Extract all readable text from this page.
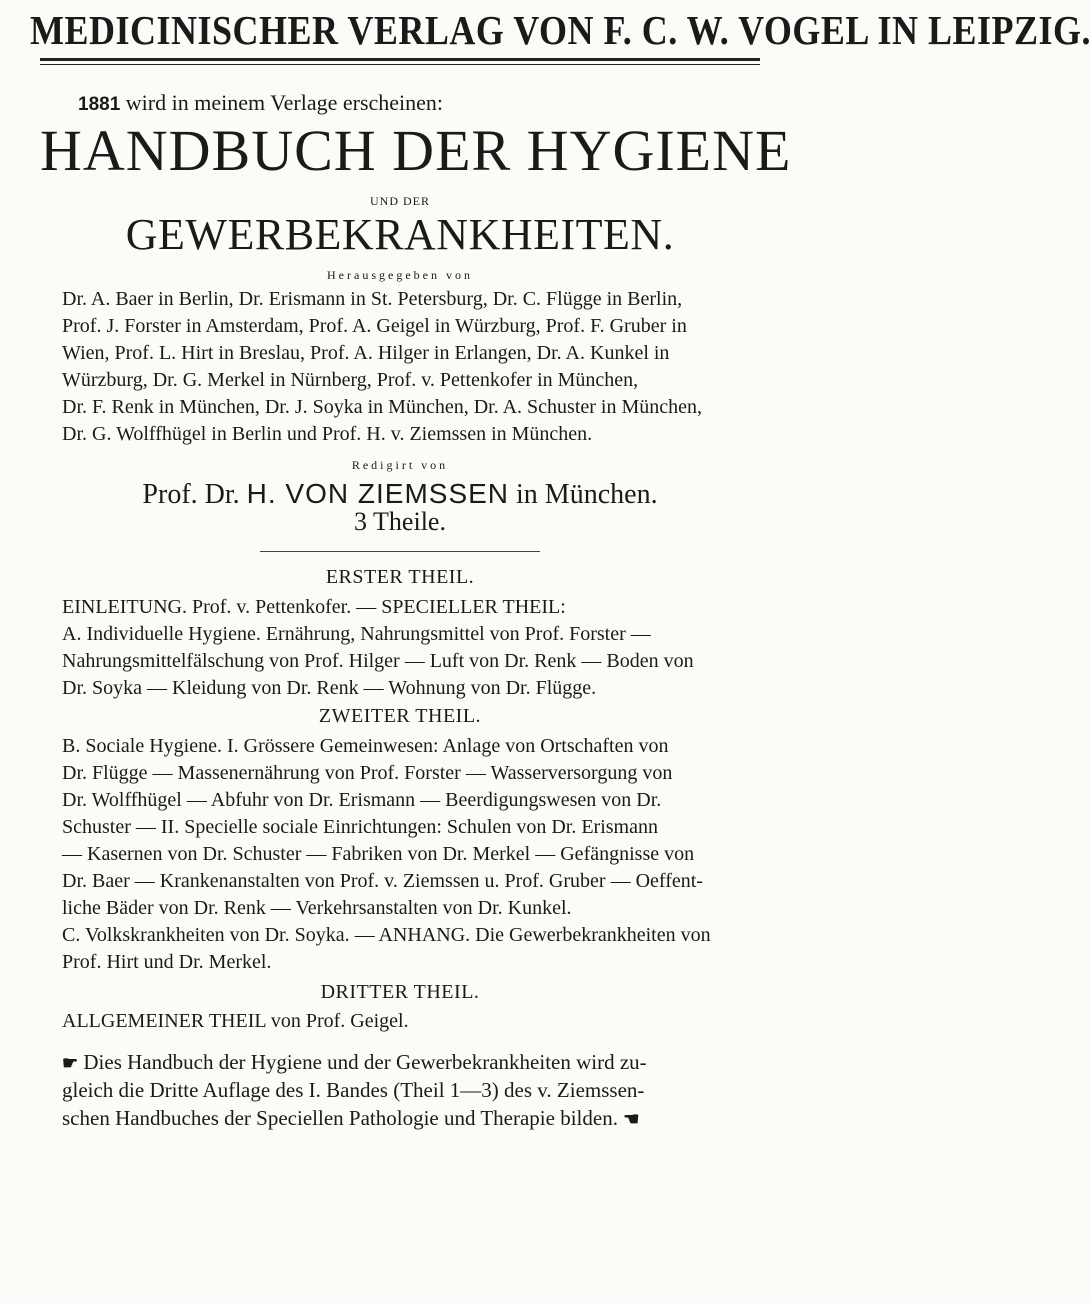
MEDICINISCHER VERLAG VON F. C. W. VOGEL IN LEIPZIG.
1881 wird in meinem Verlage erscheinen:
HANDBUCH DER HYGIENE
UND DER
GEWERBEKRANKHEITEN.
Herausgegeben von
Dr. A. Baer in Berlin, Dr. Erismann in St. Petersburg, Dr. C. Flügge in Berlin,
Prof. J. Forster in Amsterdam, Prof. A. Geigel in Würzburg, Prof. F. Gruber in
Wien, Prof. L. Hirt in Breslau, Prof. A. Hilger in Erlangen, Dr. A. Kunkel in
Würzburg, Dr. G. Merkel in Nürnberg, Prof. v. Pettenkofer in München,
Dr. F. Renk in München, Dr. J. Soyka in München, Dr. A. Schuster in München,
Dr. G. Wolffhügel in Berlin und Prof. H. v. Ziemssen in München.
Redigirt von
Prof. Dr. H. VON ZIEMSSEN in München.
3 Theile.
ERSTER THEIL.
EINLEITUNG. Prof. v. Pettenkofer. — SPECIELLER THEIL:
A. Individuelle Hygiene. Ernährung, Nahrungsmittel von Prof. Forster —
Nahrungsmittelfälschung von Prof. Hilger — Luft von Dr. Renk — Boden von
Dr. Soyka — Kleidung von Dr. Renk — Wohnung von Dr. Flügge.
ZWEITER THEIL.
B. Sociale Hygiene. I. Grössere Gemeinwesen: Anlage von Ortschaften von
Dr. Flügge — Massenernährung von Prof. Forster — Wasserversorgung von
Dr. Wolffhügel — Abfuhr von Dr. Erismann — Beerdigungswesen von Dr.
Schuster — II. Specielle sociale Einrichtungen: Schulen von Dr. Erismann
— Kasernen von Dr. Schuster — Fabriken von Dr. Merkel — Gefängnisse von
Dr. Baer — Krankenanstalten von Prof. v. Ziemssen u. Prof. Gruber — Oeffent-
liche Bäder von Dr. Renk — Verkehrsanstalten von Dr. Kunkel.
C. Volkskrankheiten von Dr. Soyka. — ANHANG. Die Gewerbekrankheiten von
Prof. Hirt und Dr. Merkel.
DRITTER THEIL.
ALLGEMEINER THEIL von Prof. Geigel.
☛ Dies Handbuch der Hygiene und der Gewerbekrankheiten wird zu-
gleich die Dritte Auflage des I. Bandes (Theil 1—3) des v. Ziemssen-
schen Handbuches der Speciellen Pathologie und Therapie bilden. ☚
